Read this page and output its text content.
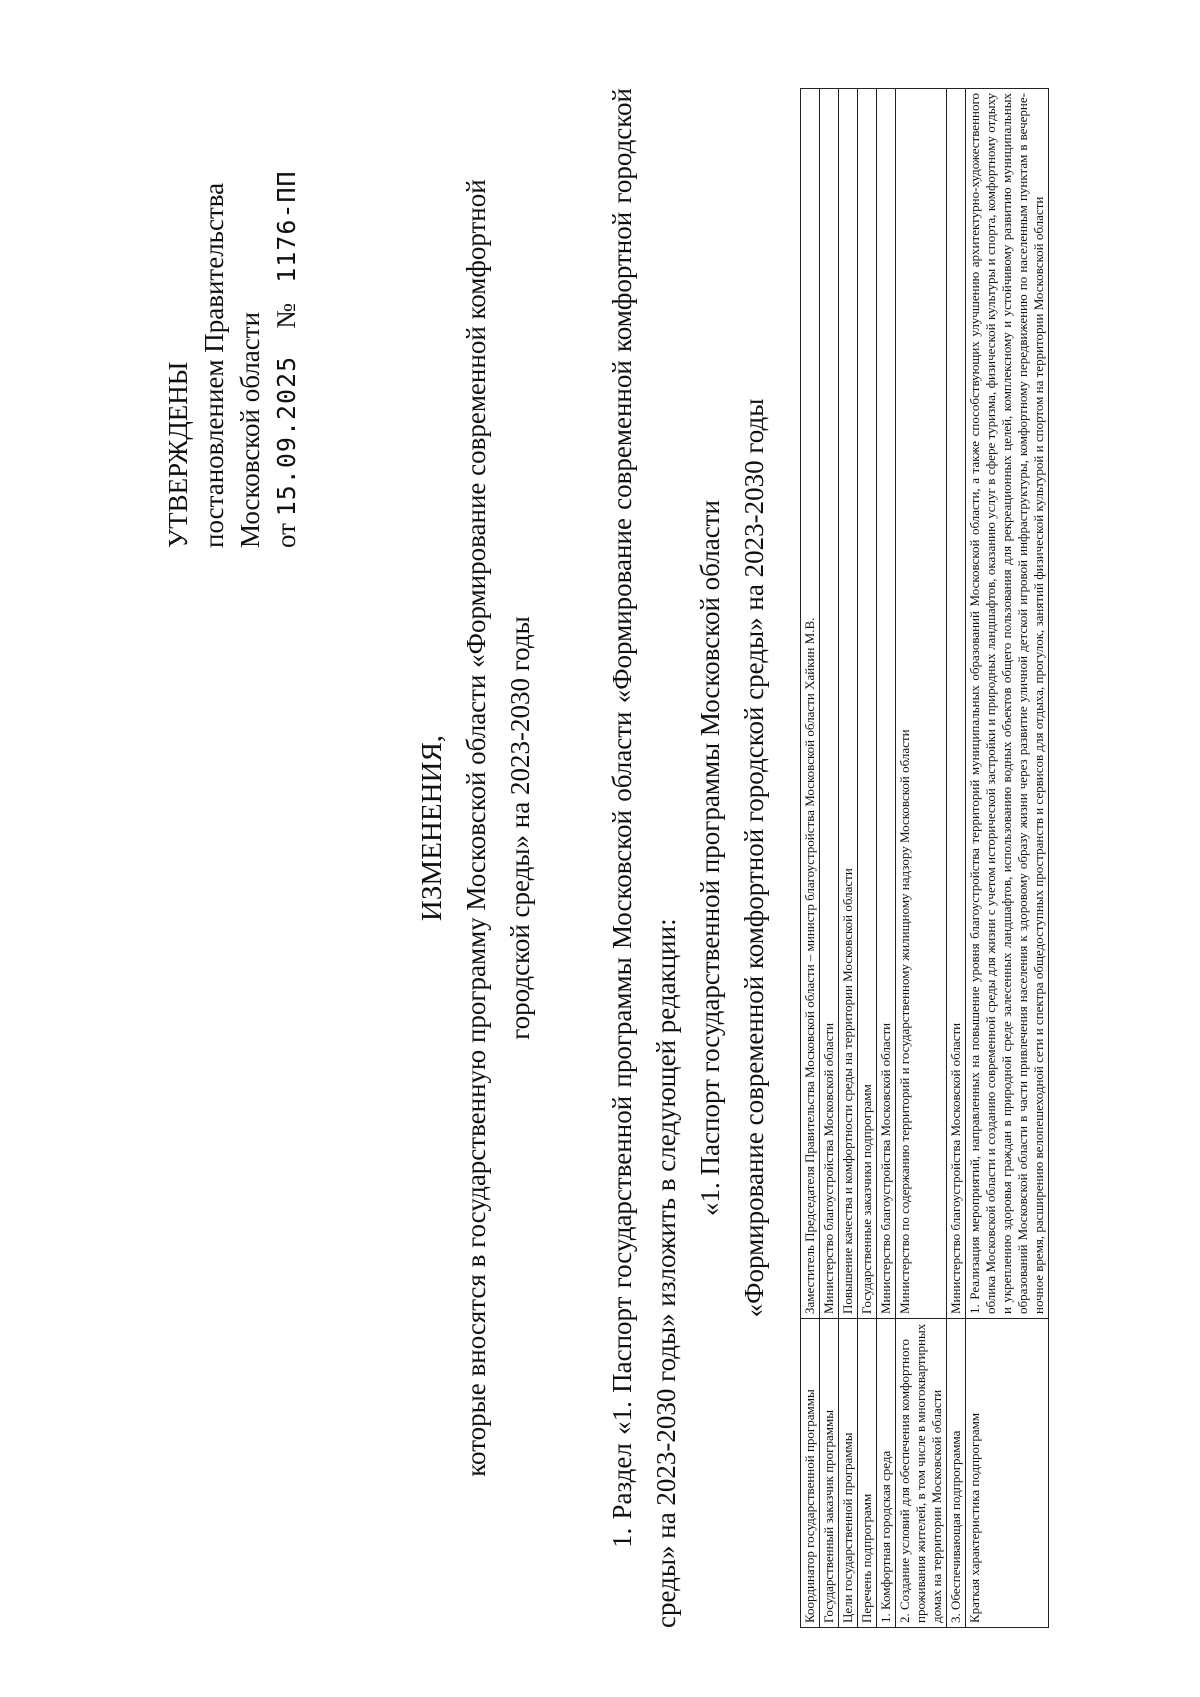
УТВЕРЖДЕНЫ постановлением Правительства Московской области от 15.09.2025    №   1176-ПП
ИЗМЕНЕНИЯ, которые вносятся в государственную программу Московской области «Формирование современной комфортной городской среды» на 2023-2030 годы	1. Раздел «1. Паспорт государственной программы Московской области «Формирование современной комфортной городской среды» на 2023-2030 годы» изложить в следующей редакции:
«1. Паспорт государственной программы Московской области «Формирование современной комфортной городской среды» на 2023-2030 годы
Координатор государственной программы	Заместитель Председателя Правительства Московской области – министр благоустройства Московской области Хайкин М.В.
Государственный заказчик программы	Министерство благоустройства Московской области
Цели государственной программы	Повышение качества и комфортности среды на территории Московской области
Перечень подпрограмм	Государственные заказчики подпрограмм
1. Комфортная городская среда	Министерство благоустройства Московской области
2. Создание условий для обеспечения комфортного проживания жителей, в том числе в многоквартирных домах на территории Московской области	Министерство по содержанию территорий и государственному жилищному надзору Московской области
3. Обеспечивающая подпрограмма	Министерство благоустройства Московской области
Краткая характеристика подпрограмм	1. Реализация мероприятий, направленных на повышение уровня благоустройства территорий муниципальных образований Московской области, а также способствующих улучшению архитектурно-художественного облика Московской области и созданию современной среды для жизни с учетом исторической застройки и природных ландшафтов, оказанию услуг в сфере туризма, физической культуры и спорта, комфортному отдыху и укреплению здоровья граждан в природной среде залесенных ландшафтов, использованию водных объектов общего пользования для рекреационных целей, комплексному и устойчивому развитию муниципальных образований Московской области в части привлечения населения к здоровому образу жизни через развитие уличной детской игровой инфраструктуры, комфортному передвижению по населенным пунктам в вечерне-ночное время, расширению велопешеходной сети и спектра общедоступных пространств и сервисов для отдыха, прогулок, занятий физической культурой и спортом на территории Московской области
